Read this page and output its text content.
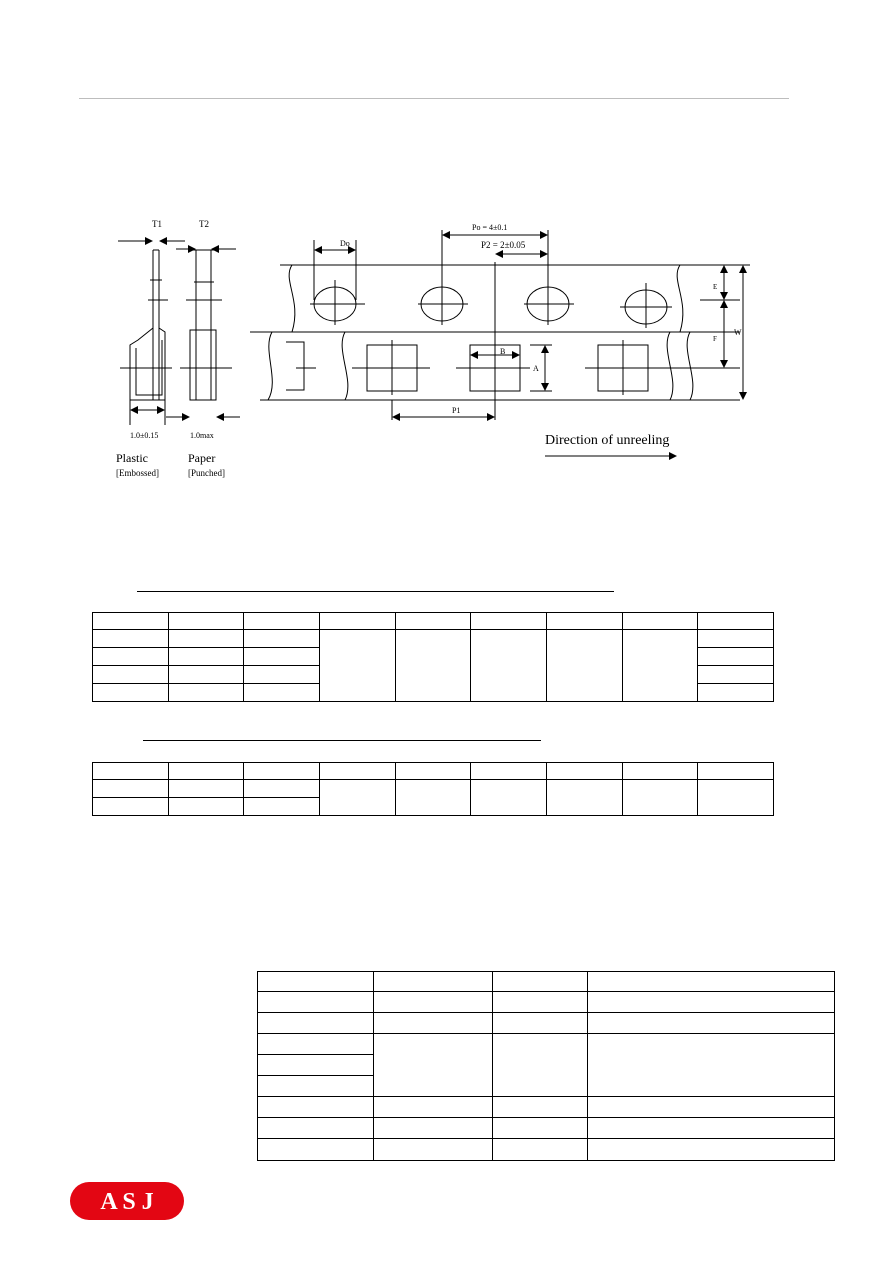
T1	T2
Do
Po = 4±0.1
P2 = 2±0.05
E
W
F
B
A
P1
1.0±0.15	1.0max
Plastic
[Embossed]
Paper
[Punched]
Direction of unreeling

A S J
